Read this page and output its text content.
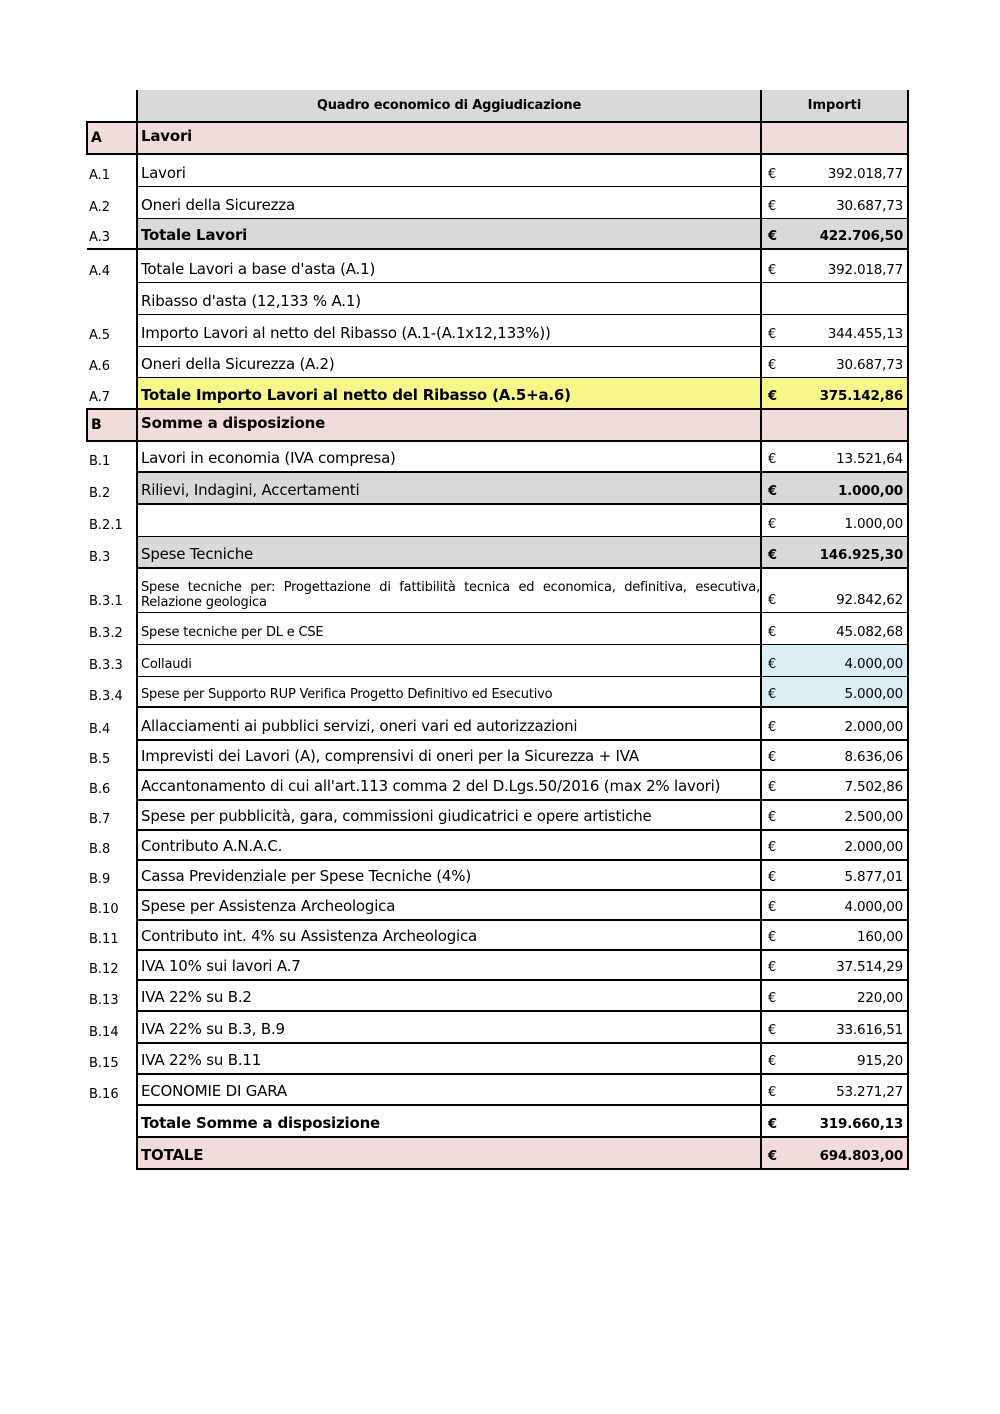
	Quadro economico di Aggiudicazione	Importi	
A	Lavori		
A.1	Lavori	€	392.018,77
A.2	Oneri della Sicurezza	€	30.687,73
A.3	Totale Lavori	€	422.706,50
A.4	Totale Lavori a base d'asta (A.1)	€	392.018,77
	Ribasso d'asta (12,133 % A.1)		
A.5	Importo Lavori al netto del Ribasso (A.1-(A.1x12,133%))	€	344.455,13
A.6	Oneri della Sicurezza (A.2)	€	30.687,73
A.7	Totale Importo Lavori al netto del Ribasso (A.5+a.6)	€	375.142,86
B	Somme a disposizione		
B.1	Lavori in economia (IVA compresa)	€	13.521,64
B.2	Rilievi, Indagini, Accertamenti	€	1.000,00
B.2.1		€	1.000,00
B.3	Spese Tecniche	€	146.925,30
B.3.1	Spese tecniche per: Progettazione di fattibilità tecnica ed economica, definitiva, esecutiva, Relazione geologica	€	92.842,62
B.3.2	Spese tecniche per DL e CSE	€	45.082,68
B.3.3	Collaudi	€	4.000,00
B.3.4	Spese per Supporto RUP Verifica Progetto Definitivo ed Esecutivo	€	5.000,00
B.4	Allacciamenti ai pubblici servizi, oneri vari ed autorizzazioni	€	2.000,00
B.5	Imprevisti dei Lavori (A), comprensivi di oneri per la Sicurezza + IVA	€	8.636,06
B.6	Accantonamento di cui all'art.113 comma 2 del D.Lgs.50/2016 (max 2% lavori)	€	7.502,86
B.7	Spese per pubblicità, gara, commissioni giudicatrici e opere artistiche	€	2.500,00
B.8	Contributo A.N.A.C.	€	2.000,00
B.9	Cassa Previdenziale per Spese Tecniche (4%)	€	5.877,01
B.10	Spese per Assistenza Archeologica	€	4.000,00
B.11	Contributo int. 4% su Assistenza Archeologica	€	160,00
B.12	IVA 10% sui lavori A.7	€	37.514,29
B.13	IVA 22% su B.2	€	220,00
B.14	IVA 22% su B.3, B.9	€	33.616,51
B.15	IVA 22% su B.11	€	915,20
B.16	ECONOMIE DI GARA	€	53.271,27
	Totale Somme a disposizione	€	319.660,13
	TOTALE	€	694.803,00
